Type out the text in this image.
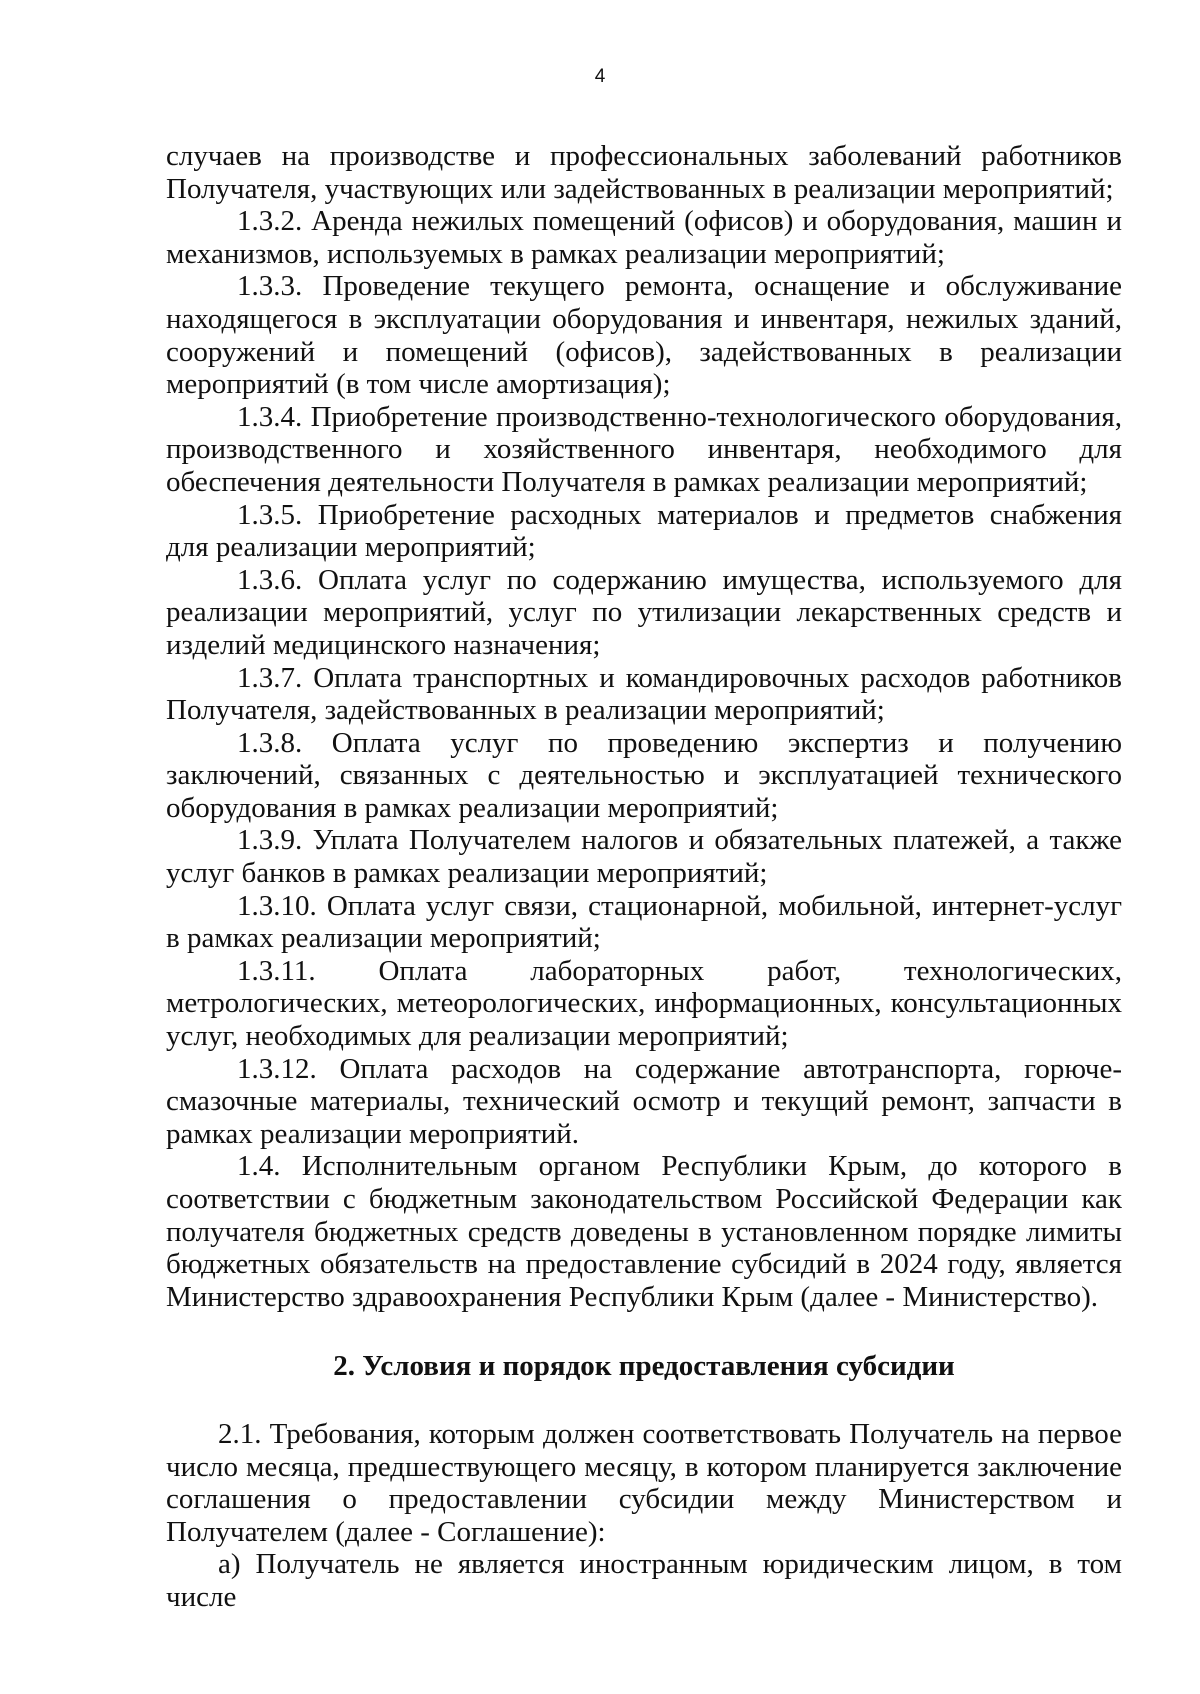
4

случаев на производстве и профессиональных заболеваний работников Получателя, участвующих или задействованных в реализации мероприятий;

1.3.2. Аренда нежилых помещений (офисов) и оборудования, машин и механизмов, используемых в рамках реализации мероприятий;

1.3.3. Проведение текущего ремонта, оснащение и обслуживание находящегося в эксплуатации оборудования и инвентаря, нежилых зданий, сооружений и помещений (офисов), задействованных в реализации мероприятий (в том числе амортизация);

1.3.4. Приобретение производственно-технологического оборудования, производственного и хозяйственного инвентаря, необходимого для обеспечения деятельности Получателя в рамках реализации мероприятий;

1.3.5. Приобретение расходных материалов и предметов снабжения для реализации мероприятий;

1.3.6. Оплата услуг по содержанию имущества, используемого для реализации мероприятий, услуг по утилизации лекарственных средств и изделий медицинского назначения;

1.3.7. Оплата транспортных и командировочных расходов работников Получателя, задействованных в реализации мероприятий;

1.3.8. Оплата услуг по проведению экспертиз и получению заключений, связанных с деятельностью и эксплуатацией технического оборудования в рамках реализации мероприятий;

1.3.9. Уплата Получателем налогов и обязательных платежей, а также услуг банков в рамках реализации мероприятий;

1.3.10. Оплата услуг связи, стационарной, мобильной, интернет-услуг в рамках реализации мероприятий;

1.3.11. Оплата лабораторных работ, технологических, метрологических, метеорологических, информационных, консультационных услуг, необходимых для реализации мероприятий;

1.3.12. Оплата расходов на содержание автотранспорта, горюче-смазочные материалы, технический осмотр и текущий ремонт, запчасти в рамках реализации мероприятий.

1.4. Исполнительным органом Республики Крым, до которого в соответствии с бюджетным законодательством Российской Федерации как получателя бюджетных средств доведены в установленном порядке лимиты бюджетных обязательств на предоставление субсидий в 2024 году, является Министерство здравоохранения Республики Крым (далее - Министерство).

2. Условия и порядок предоставления субсидии

2.1. Требования, которым должен соответствовать Получатель на первое число месяца, предшествующего месяцу, в котором планируется заключение соглашения о предоставлении субсидии между Министерством и Получателем (далее - Соглашение):

а) Получатель не является иностранным юридическим лицом, в том числе
